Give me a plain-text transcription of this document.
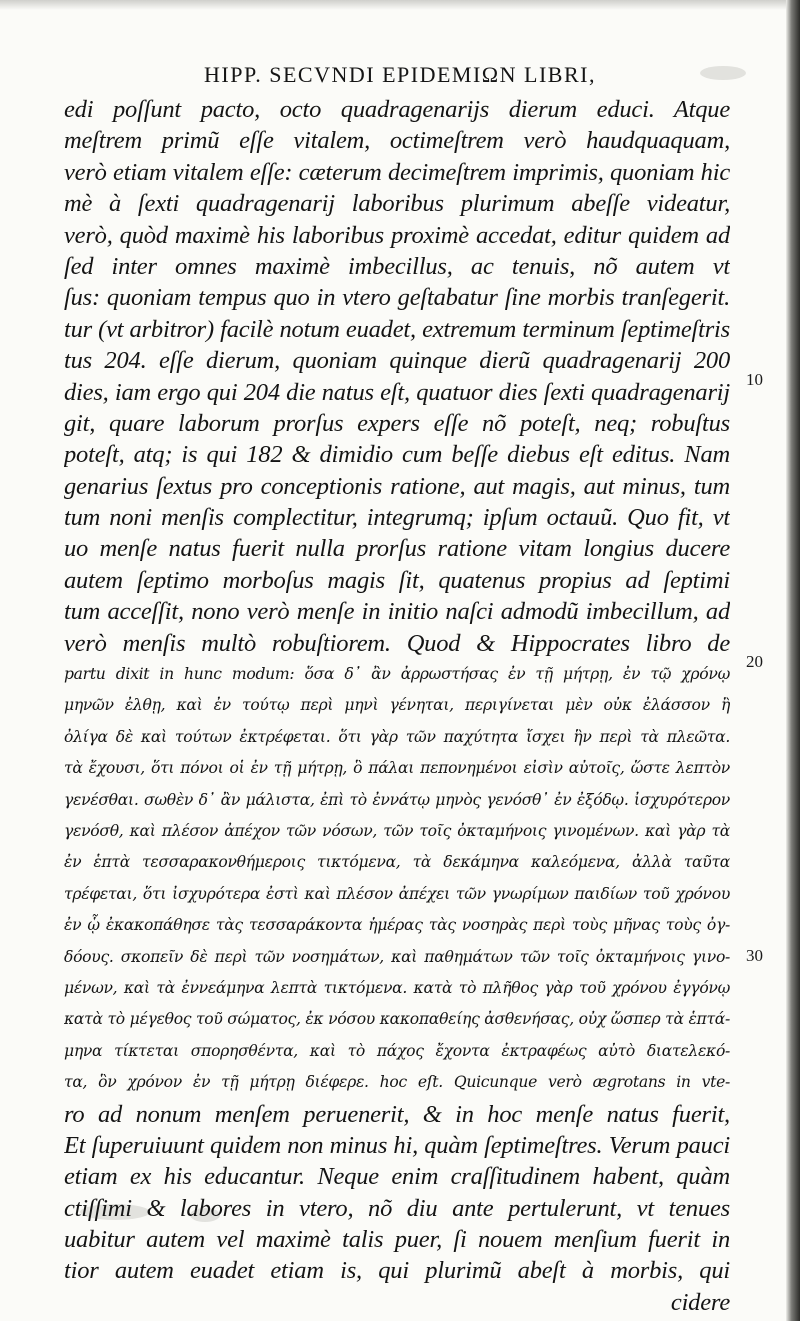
HIPP. SECVNDI EPIDEMIΩN LIBRI,
edi poſſunt pacto, octo quadragenarijs dierum educi. Atque
meſtrem primũ eſſe vitalem, octimeſtrem verò haudquaquam,
verò etiam vitalem eſſe: cæterum decimeſtrem imprimis, quoniam hic
mè à ſexti quadragenarij laboribus plurimum abeſſe videatur,
verò, quòd maximè his laboribus proximè accedat, editur quidem ad
ſed inter omnes maximè imbecillus, ac tenuis, nõ autem vt
ſus: quoniam tempus quo in vtero geſtabatur ſine morbis tranſegerit.
tur (vt arbitror) facilè notum euadet, extremum terminum ſeptimeſtris
tus 204. eſſe dierum, quoniam quinque dierũ quadragenarij 200
dies, iam ergo qui 204 die natus eſt, quatuor dies ſexti quadragenarij
git, quare laborum prorſus expers eſſe nõ poteſt, neq; robuſtus
poteſt, atq; is qui 182 & dimidio cum beſſe diebus eſt editus. Nam
genarius ſextus pro conceptionis ratione, aut magis, aut minus, tum
tum noni menſis complectitur, integrumq; ipſum octauũ. Quo fit, vt
uo menſe natus fuerit nulla prorſus ratione vitam longius ducere
autem ſeptimo morboſus magis ſit, quatenus propius ad ſeptimi
tum acceſſit, nono verò menſe in initio naſci admodũ imbecillum, ad
verò menſis multò robuſtiorem. Quod & Hippocrates libro de
partu dixit in hunc modum: ὅσα δ᾽ ἂν ἀρρωστήσας ἐν τῇ μήτρῃ, ἐν τῷ χρόνῳ
μηνῶν ἐλθῃ, καὶ ἐν τούτῳ περὶ μηνὶ γένηται, περιγίνεται μὲν οὐκ ἐλάσσον ἢ
ὀλίγα δὲ καὶ τούτων ἐκτρέφεται. ὅτι γὰρ τῶν παχύτητα ἴσχει ἣν περὶ τὰ πλεῶτα.
τὰ ἔχουσι, ὅτι πόνοι οἱ ἐν τῇ μήτρῃ, ὃ πάλαι πεπονημένοι εἰσὶν αὐτοῖς, ὥστε λεπτὸν
γενέσθαι. σωθὲν δ᾽ ἂν μάλιστα, ἐπὶ τὸ ἐννάτῳ μηνὸς γενόσθ᾽ ἐν ἐξόδῳ. ἰσχυρότερον
γενόσθ, καὶ πλέσον ἀπέχον τῶν νόσων, τῶν τοῖς ὀκταμήνοις γινομένων. καὶ γὰρ τὰ
ἐν ἑπτὰ τεσσαρακονθήμεροις τικτόμενα, τὰ δεκάμηνα καλεόμενα, ἀλλὰ ταῦτα
τρέφεται, ὅτι ἰσχυρότερα ἐστὶ καὶ πλέσον ἀπέχει τῶν γνωρίμων παιδίων τοῦ χρόνου
ἐν ᾧ ἐκακοπάθησε τὰς τεσσαράκοντα ἡμέρας τὰς νοσηρὰς περὶ τοὺς μῆνας τοὺς ὀγ-
δόους. σκοπεῖν δὲ περὶ τῶν νοσημάτων, καὶ παθημάτων τῶν τοῖς ὀκταμήνοις γινο-
μένων, καὶ τὰ ἐννεάμηνα λεπτὰ τικτόμενα. κατὰ τὸ πλῆθος γὰρ τοῦ χρόνου ἐγγόνῳ
κατὰ τὸ μέγεθος τοῦ σώματος, ἐκ νόσου κακοπαθείης ἀσθενήσας, οὐχ ὥσπερ τὰ ἑπτά-
μηνα τίκτεται σπορησθέντα, καὶ τὸ πάχος ἔχοντα ἐκτραφέως αὐτὸ διατελεκό-
τα, ὃν χρόνον ἐν τῇ μήτρῃ διέφερε. hoc eſt. Quicunque verò ægrotans in vte-
ro ad nonum menſem peruenerit, & in hoc menſe natus fuerit,
Et ſuperuiuunt quidem non minus hi, quàm ſeptimeſtres. Verum pauci
etiam ex his educantur. Neque enim craſſitudinem habent, quàm
ctiſſimi & labores in vtero, nõ diu ante pertulerunt, vt tenues
uabitur autem vel maximè talis puer, ſi nouem menſium fuerit in
tior autem euadet etiam is, qui plurimũ abeſt à morbis, qui
cidere
10
20
30
